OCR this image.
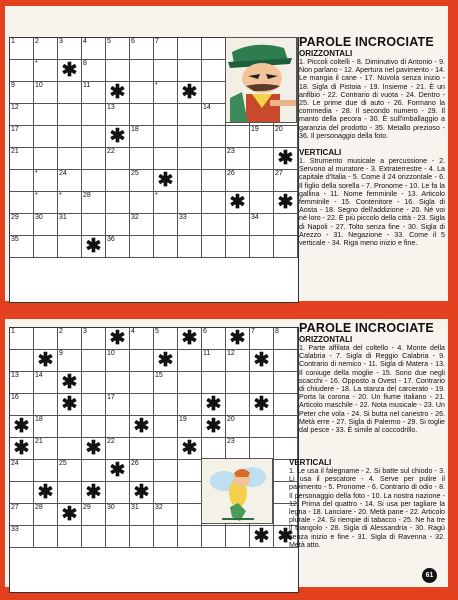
1	2	3	4	5	6	7
* ✱ 8
9	10	11 ✱	* ✱
12	13	14
17	✱ 18	19 20
21	22	23 ✱
*	24	25 ✱	26	27
*	*	28	*	✱ ✱
29 30 31	32	33	34
35	✱ 36
PAROLE INCROCIATE
ORIZZONTALI

1. Piccoli coltelli - 8. Diminutivo di Antonio - 9. Non parlano - 12. Apertura nel pavimento - 14. Le mangia il cane - 17. Nuvola senza inizio - 18. Sigla di Pistoia - 19. Insieme - 21. È un anfibio - 22. Contrario di vuota - 24. Dentro - 25. Le prime due di auto - 26. Formano la commedia - 28. Il secondo numero - 29. Il manto della pecora - 30. È sull'imballaggio a garanzia del prodotto - 35. Metallo prezioso - 36. Il personaggio della foto.

VERTICALI

1. Strumento musicale a percussione - 2. Servono al muratore - 3. Extraterrestre - 4. La capitale d'Italia - 5. Come il 24 orizzontale - 6. Il figlio della sorella - 7. Pronome - 10. Le fa la gallina - 11. Nome femminile - 13. Articolo femminile - 15. Contenitore - 16. Sigla di Aosta - 18. Segno dell'addizione - 20. Né voi né loro - 22. È più piccolo della città - 23. Sigla di Napoli - 27. Tolto senza fine - 30. Sigla di Arezzo - 31. Negazione - 33. Come il 5 verticale - 34. Riga meno inizio e fine.

1	2	3 ✱ 4	5 ✱ 6 ✱ 7	8
✱ 9	10 ✱	11 12 ✱
13 14 ✱	15
16 ✱	17	✱ ✱
✱ 18	✱	19 ✱ 20
✱ 21 ✱ 22	✱	23
24	25 ✱ 26
✱ ✱ ✱
27 28 ✱ 29 30 31 32
33	✱ ✱
PAROLE INCROCIATE
ORIZZONTALI

1. Parte affilata del coltello - 4. Monte della Calabria - 7. Sigla di Reggio Calabria - 9. Contrario di nemico - 11. Sigla di Matera - 13. Il coniuge della moglie - 15. Sono due negli scacchi - 16. Opposto a Ovest - 17. Contrario di chiudere - 18. La stanza del carcerato - 19. Porta la corona - 20. Un fiume italiano - 21. Articolo maschile - 22. Nota musicale - 23. Un Peter che vola - 24. Si butta nel canestro - 26. Metà erre - 27. Sigla di Palermo - 29. Si toglie dal pesce - 33. È simile al coccodrillo.

VERTICALI

1. Le usa il falegname - 2. Si batte sul chiodo - 3. Li usa il pescatore - 4. Serve per pulire il pavimento - 5. Pronome - 6. Contrario di odio - 8. Il personaggio della foto - 10. La nostra nazione - 12. Prima del quattro - 14. Si usa per tagliare la legna - 18. Lanciare - 20. Metà pane - 22. Articolo plurale - 24. Si riempie di tabacco - 25. Ne ha tre il triangolo - 28. Sigla di Alessandria - 30. Ragù senza inizio e fine - 31. Sigla di Ravenna - 32. Metà atto.

61
